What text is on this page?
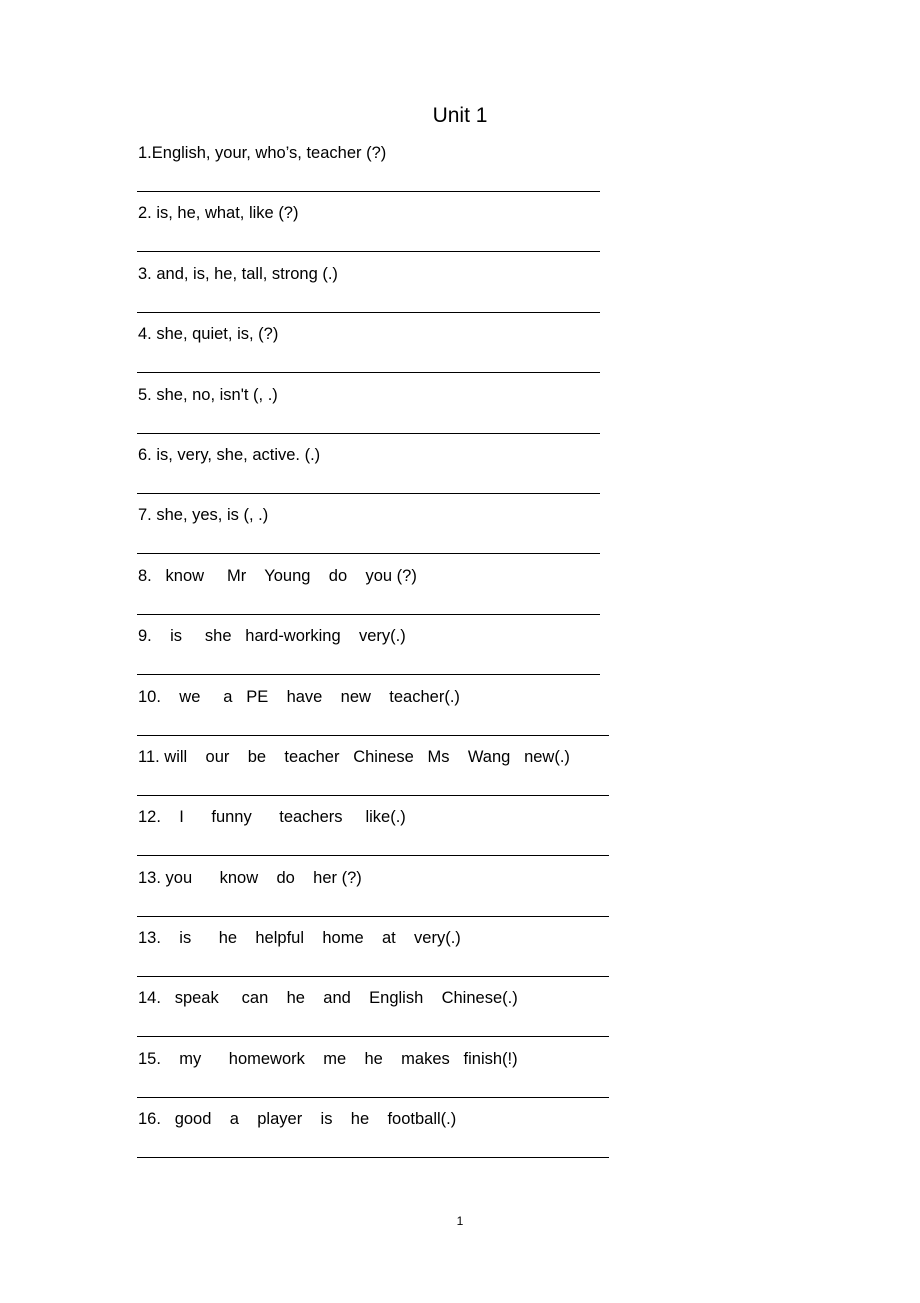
Unit 1
1.English, your, who’s, teacher (?)
2. is, he, what, like (?)
3. and, is, he, tall, strong (.)
4. she, quiet, is, (?)
5. she, no, isn't (, .)
6. is, very, she, active. (.)
7. she, yes, is (, .)
8.   know     Mr    Young    do    you (?)
9.    is     she   hard-working    very(.)
10.    we     a   PE    have    new    teacher(.)
11. will    our    be    teacher   Chinese   Ms    Wang   new(.)
12.    I      funny      teachers     like(.)
13. you      know    do    her (?)
13.    is      he    helpful    home    at    very(.)
14.   speak     can    he    and    English    Chinese(.)
15.    my      homework    me    he    makes   finish(!)
16.   good    a    player    is    he    football(.)
1
